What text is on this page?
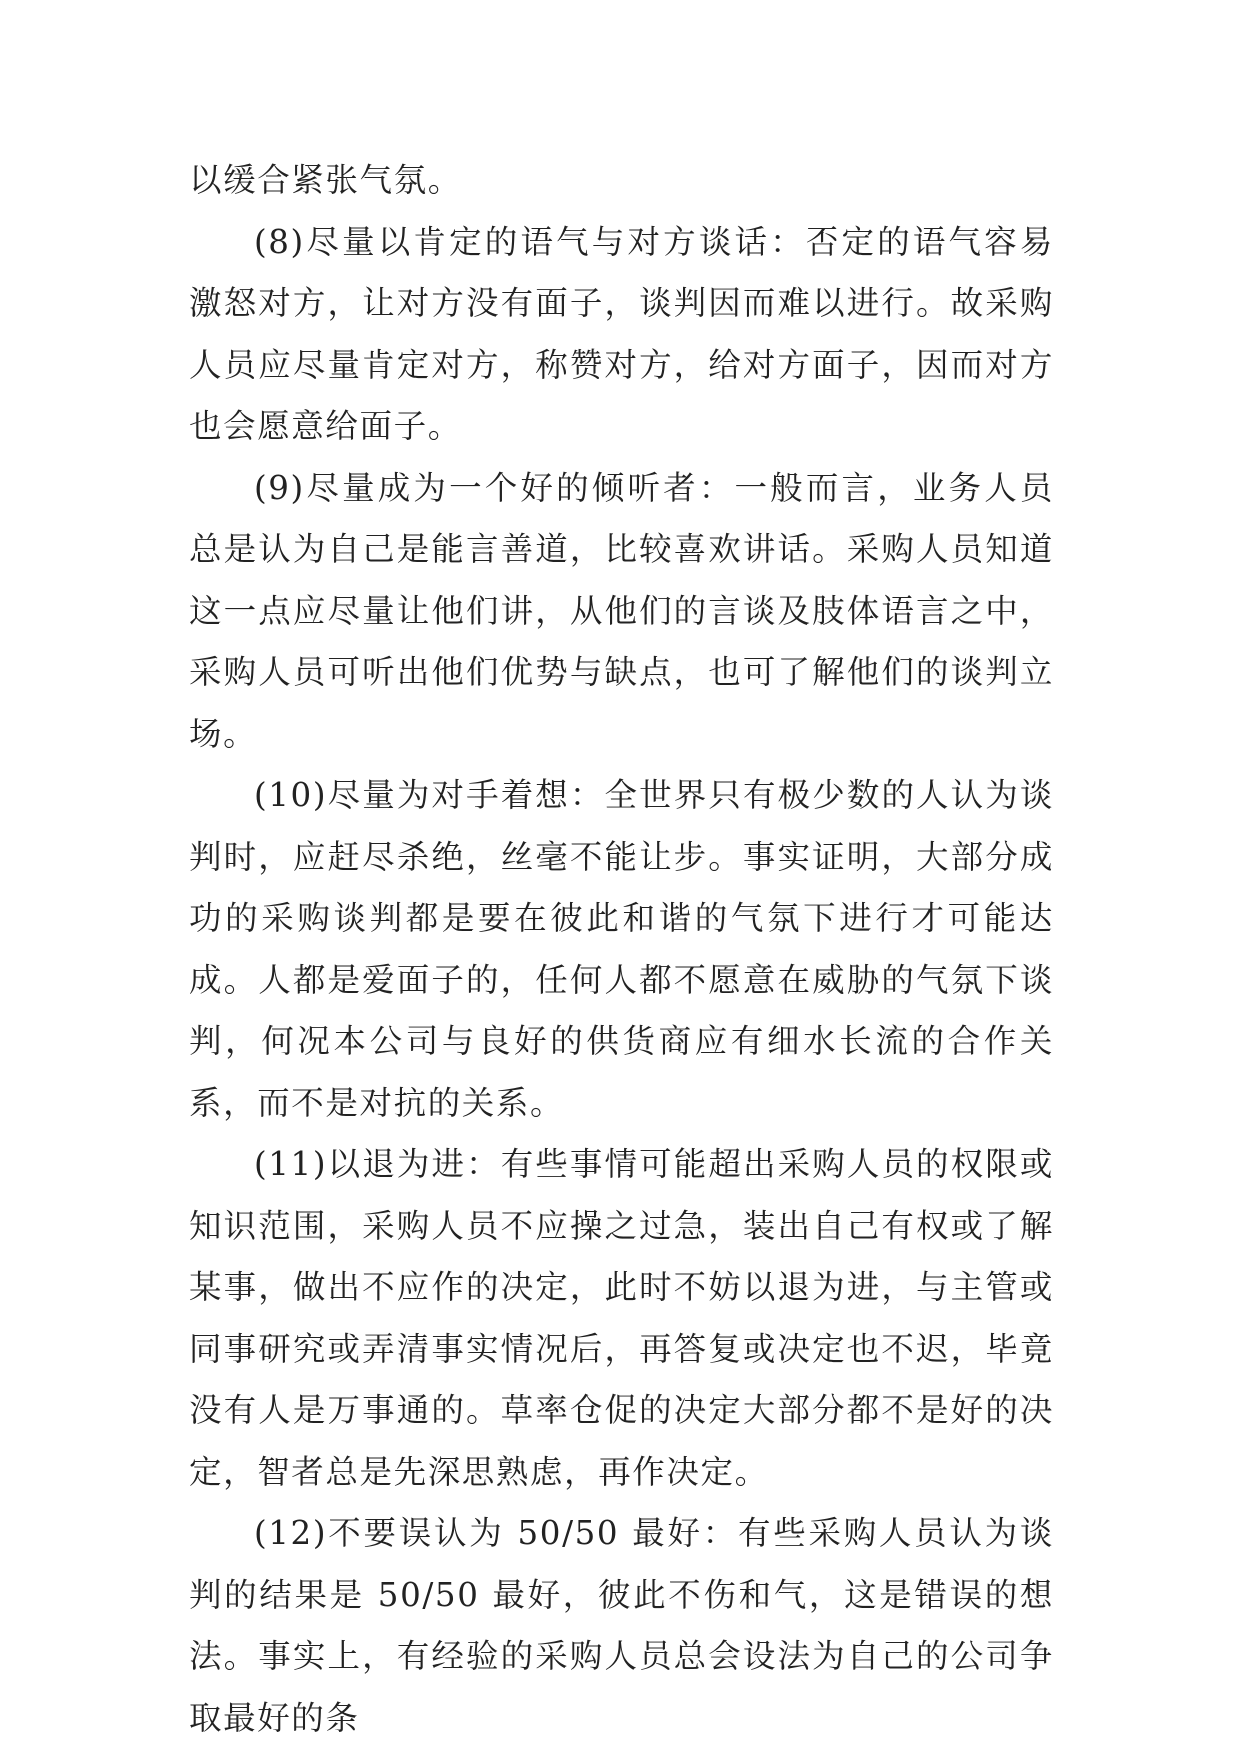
以缓合紧张气氛。

(8)尽量以肯定的语气与对方谈话：否定的语气容易激怒对方，让对方没有面子，谈判因而难以进行。故采购人员应尽量肯定对方，称赞对方，给对方面子，因而对方也会愿意给面子。

(9)尽量成为一个好的倾听者：一般而言，业务人员总是认为自己是能言善道，比较喜欢讲话。采购人员知道这一点应尽量让他们讲，从他们的言谈及肢体语言之中，采购人员可听出他们优势与缺点，也可了解他们的谈判立场。

(10)尽量为对手着想：全世界只有极少数的人认为谈判时，应赶尽杀绝，丝毫不能让步。事实证明，大部分成功的采购谈判都是要在彼此和谐的气氛下进行才可能达成。人都是爱面子的，任何人都不愿意在威胁的气氛下谈判，何况本公司与良好的供货商应有细水长流的合作关系，而不是对抗的关系。

(11)以退为进：有些事情可能超出采购人员的权限或知识范围，采购人员不应操之过急，装出自己有权或了解某事，做出不应作的决定，此时不妨以退为进，与主管或同事研究或弄清事实情况后，再答复或决定也不迟，毕竟没有人是万事通的。草率仓促的决定大部分都不是好的决定，智者总是先深思熟虑，再作决定。

(12)不要误认为 50/50 最好：有些采购人员认为谈判的结果是 50/50 最好，彼此不伤和气，这是错误的想法。事实上，有经验的采购人员总会设法为自己的公司争取最好的条
